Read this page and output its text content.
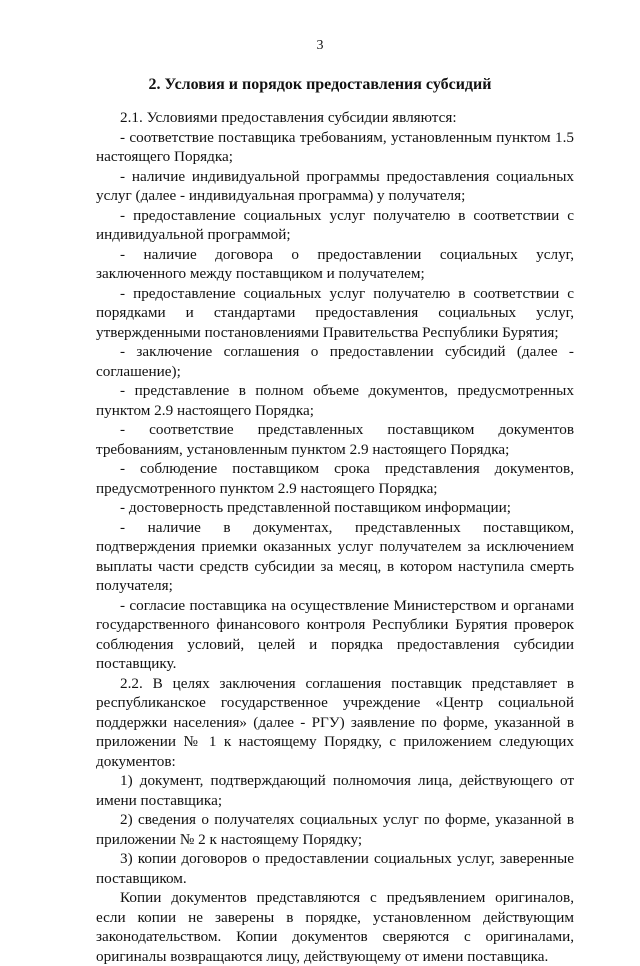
3
2. Условия и порядок предоставления субсидий

2.1. Условиями предоставления субсидии являются:

- соответствие поставщика требованиям, установленным пунктом 1.5 настоящего Порядка;

- наличие индивидуальной программы предоставления социальных услуг (далее - индивидуальная программа) у получателя;

- предоставление социальных услуг получателю в соответствии с индивидуальной программой;

- наличие договора о предоставлении социальных услуг, заключенного между поставщиком и получателем;

- предоставление социальных услуг получателю в соответствии с порядками и стандартами предоставления социальных услуг, утвержденными постановлениями Правительства Республики Бурятия;

- заключение соглашения о предоставлении субсидий (далее - соглашение);

- представление в полном объеме документов, предусмотренных пунктом 2.9 настоящего Порядка;

- соответствие представленных поставщиком документов требованиям, установленным пунктом 2.9 настоящего Порядка;

- соблюдение поставщиком срока представления документов, предусмотренного пунктом 2.9 настоящего Порядка;

- достоверность представленной поставщиком информации;

- наличие в документах, представленных поставщиком, подтверждения приемки оказанных услуг получателем за исключением выплаты части средств субсидии за месяц, в котором наступила смерть получателя;

- согласие поставщика на осуществление Министерством и органами государственного финансового контроля Республики Бурятия проверок соблюдения условий, целей и порядка предоставления субсидии поставщику.

2.2. В целях заключения соглашения поставщик представляет в республиканское государственное учреждение «Центр социальной поддержки населения» (далее - РГУ) заявление по форме, указанной в приложении № 1 к настоящему Порядку, с приложением следующих документов:

1) документ, подтверждающий полномочия лица, действующего от имени поставщика;

2) сведения о получателях социальных услуг по форме, указанной в приложении № 2 к настоящему Порядку;

3) копии договоров о предоставлении социальных услуг, заверенные поставщиком.

Копии документов представляются с предъявлением оригиналов, если копии не заверены в порядке, установленном действующим законодательством. Копии документов сверяются с оригиналами, оригиналы возвращаются лицу, действующему от имени поставщика.
